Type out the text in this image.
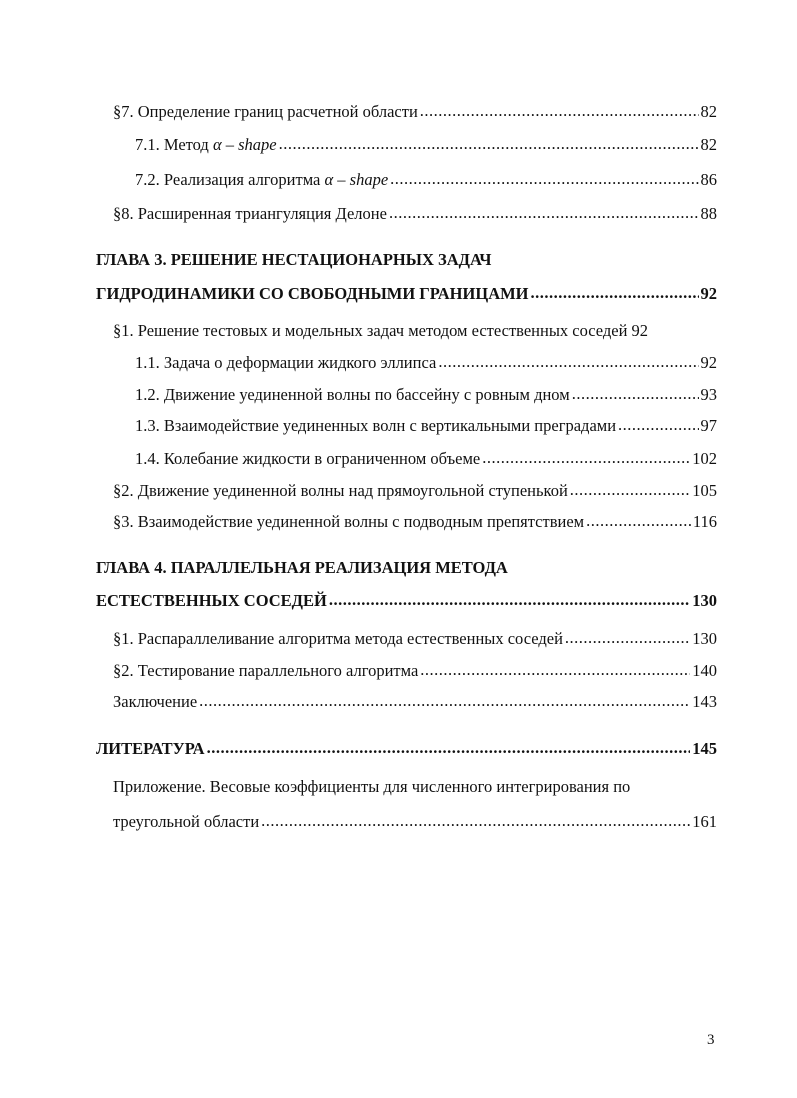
§7. Определение границ расчетной области .....	82
7.1. Метод α – shape .....	82
7.2. Реализация алгоритма α – shape .....	86
§8. Расширенная триангуляция Делоне .....	88
ГЛАВА 3. РЕШЕНИЕ НЕСТАЦИОНАРНЫХ ЗАДАЧ
ГИДРОДИНАМИКИ СО СВОБОДНЫМИ ГРАНИЦАМИ .....	92
§1. Решение тестовых и модельных задач методом естественных соседей 92
1.1. Задача о деформации жидкого эллипса .....	92
1.2. Движение уединенной волны по бассейну с ровным дном .....	93
1.3. Взаимодействие уединенных волн с вертикальными преградами .....	97
1.4. Колебание жидкости в ограниченном объеме .....	102
§2. Движение уединенной волны над прямоугольной ступенькой .....	105
§3. Взаимодействие уединенной волны с подводным препятствием .....	116
ГЛАВА 4. ПАРАЛЛЕЛЬНАЯ РЕАЛИЗАЦИЯ МЕТОДА
ЕСТЕСТВЕННЫХ СОСЕДЕЙ .....	130
§1. Распараллеливание алгоритма метода естественных соседей .....	130
§2. Тестирование параллельного алгоритма .....	140
Заключение .....	143
ЛИТЕРАТУРА .....	145
Приложение. Весовые коэффициенты для численного интегрирования по
треугольной области .....	161
3
